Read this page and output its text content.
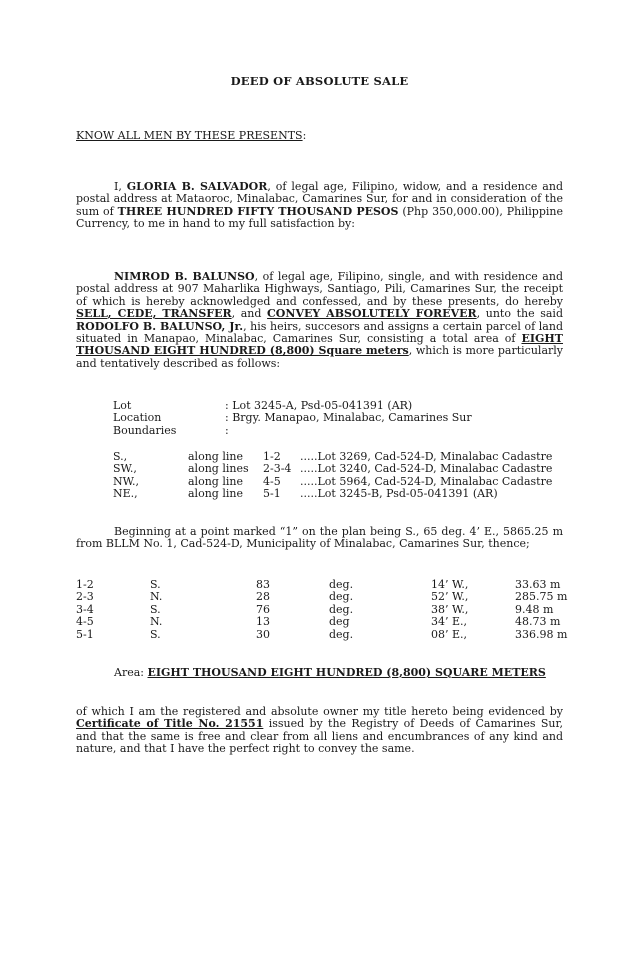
DEED OF ABSOLUTE SALE
KNOW ALL MEN BY THESE PRESENTS:
I, GLORIA B. SALVADOR, of legal age, Filipino, widow, and a residence and postal address at Mataoroc, Minalabac, Camarines Sur, for and in consideration of the sum of THREE HUNDRED FIFTY THOUSAND PESOS (Php 350,000.00), Philippine Currency, to me in hand to my full satisfaction by:
NIMROD B. BALUNSO, of legal age, Filipino, single, and with residence and postal address at 907 Maharlika Highways, Santiago, Pili, Camarines Sur, the receipt of which is hereby acknowledged and confessed, and by these presents, do hereby SELL, CEDE, TRANSFER, and CONVEY ABSOLUTELY FOREVER, unto the said RODOLFO B. BALUNSO, Jr., his heirs, succesors and assigns a certain parcel of land situated in Manapao, Minalabac, Camarines Sur, consisting a total area of EIGHT THOUSAND EIGHT HUNDRED (8,800) Square meters, which is more particularly and tentatively described as follows:
Lot	: Lot 3245-A, Psd-05-041391 (AR)
Location	: Brgy. Manapao, Minalabac, Camarines Sur
Boundaries	:
S.,	along line 1-2 .....Lot 3269, Cad-524-D, Minalabac Cadastre
SW.,	along lines 2-3-4 .....Lot 3240, Cad-524-D, Minalabac Cadastre
NW.,	along line 4-5 .....Lot 5964, Cad-524-D, Minalabac Cadastre
NE.,	along line 5-1 .....Lot 3245-B, Psd-05-041391 (AR)
Beginning at a point marked “1” on the plan being S., 65 deg. 4’ E., 5865.25 m from BLLM No. 1, Cad-524-D, Municipality of Minalabac, Camarines Sur, thence;
1-2	S.	83	deg.	14’ W.,	33.63 m
2-3	N.	28	deg.	52’ W.,	285.75 m
3-4	S.	76	deg.	38’ W.,	9.48 m
4-5	N.	13	deg	34’ E.,	48.73 m
5-1	S.	30	deg.	08’ E.,	336.98 m
Area: EIGHT THOUSAND EIGHT HUNDRED (8,800) SQUARE METERS
of which I am the registered and absolute owner my title hereto being evidenced by Certificate of Title No. 21551 issued by the Registry of Deeds of Camarines Sur, and that the same is free and clear from all liens and encumbrances of any kind and nature, and that I have the perfect right to convey the same.
